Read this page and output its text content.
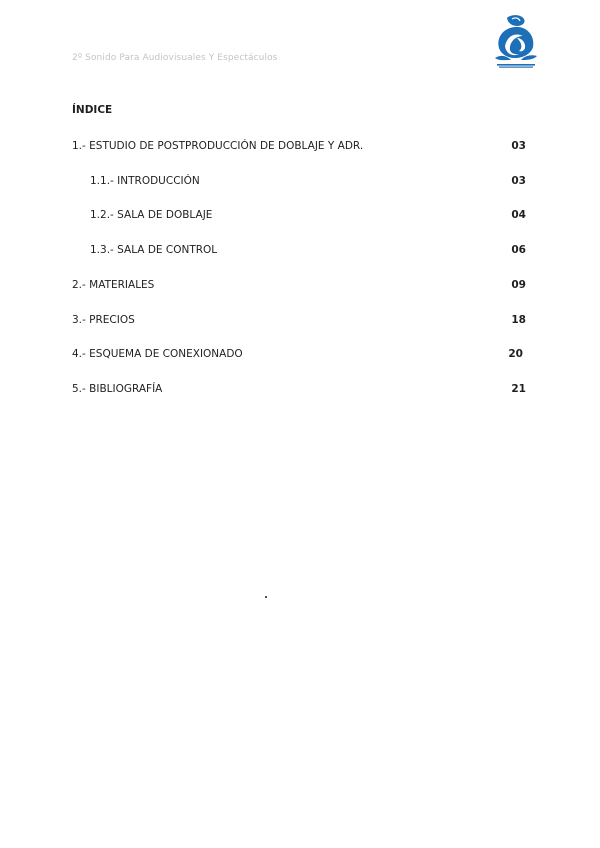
2º Sonido Para Audiovisuales Y Espectáculos
ÍNDICE
1.- ESTUDIO DE POSTPRODUCCIÓN DE DOBLAJE Y ADR.	03
1.1.- INTRODUCCIÓN	03
1.2.- SALA DE DOBLAJE	04
1.3.- SALA DE CONTROL	06
2.- MATERIALES	09
3.- PRECIOS	18
4.- ESQUEMA DE CONEXIONADO	20
5.- BIBLIOGRAFÍA	21
